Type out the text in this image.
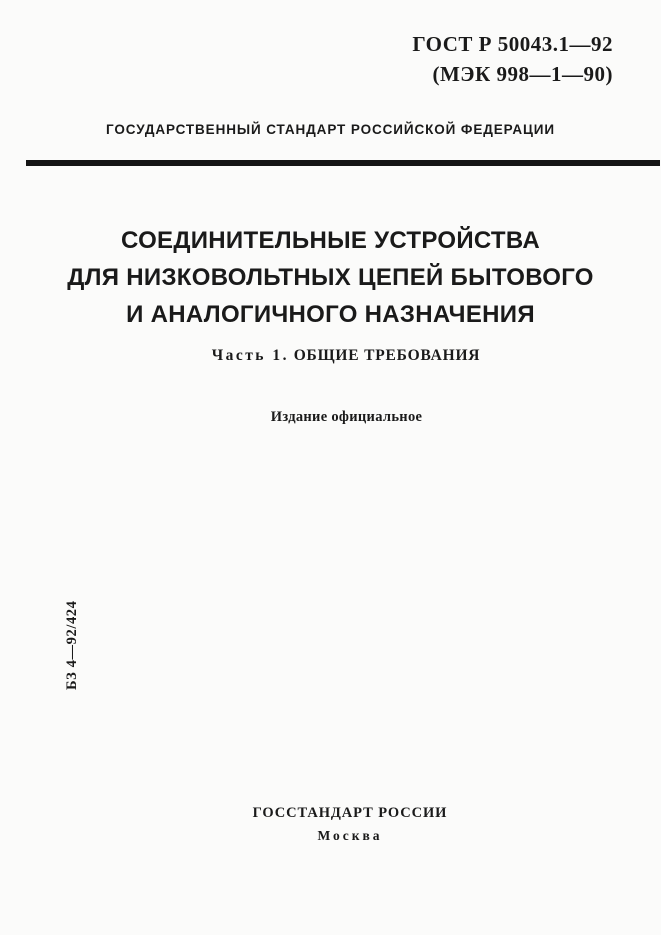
ГОСТ Р 50043.1—92
(МЭК 998—1—90)
ГОСУДАРСТВЕННЫЙ СТАНДАРТ РОССИЙСКОЙ ФЕДЕРАЦИИ
СОЕДИНИТЕЛЬНЫЕ УСТРОЙСТВА
ДЛЯ НИЗКОВОЛЬТНЫХ ЦЕПЕЙ БЫТОВОГО
И АНАЛОГИЧНОГО НАЗНАЧЕНИЯ
Часть 1. ОБЩИЕ ТРЕБОВАНИЯ
Издание официальное
БЗ 4—92/424
ГОССТАНДАРТ РОССИИ
Москва
